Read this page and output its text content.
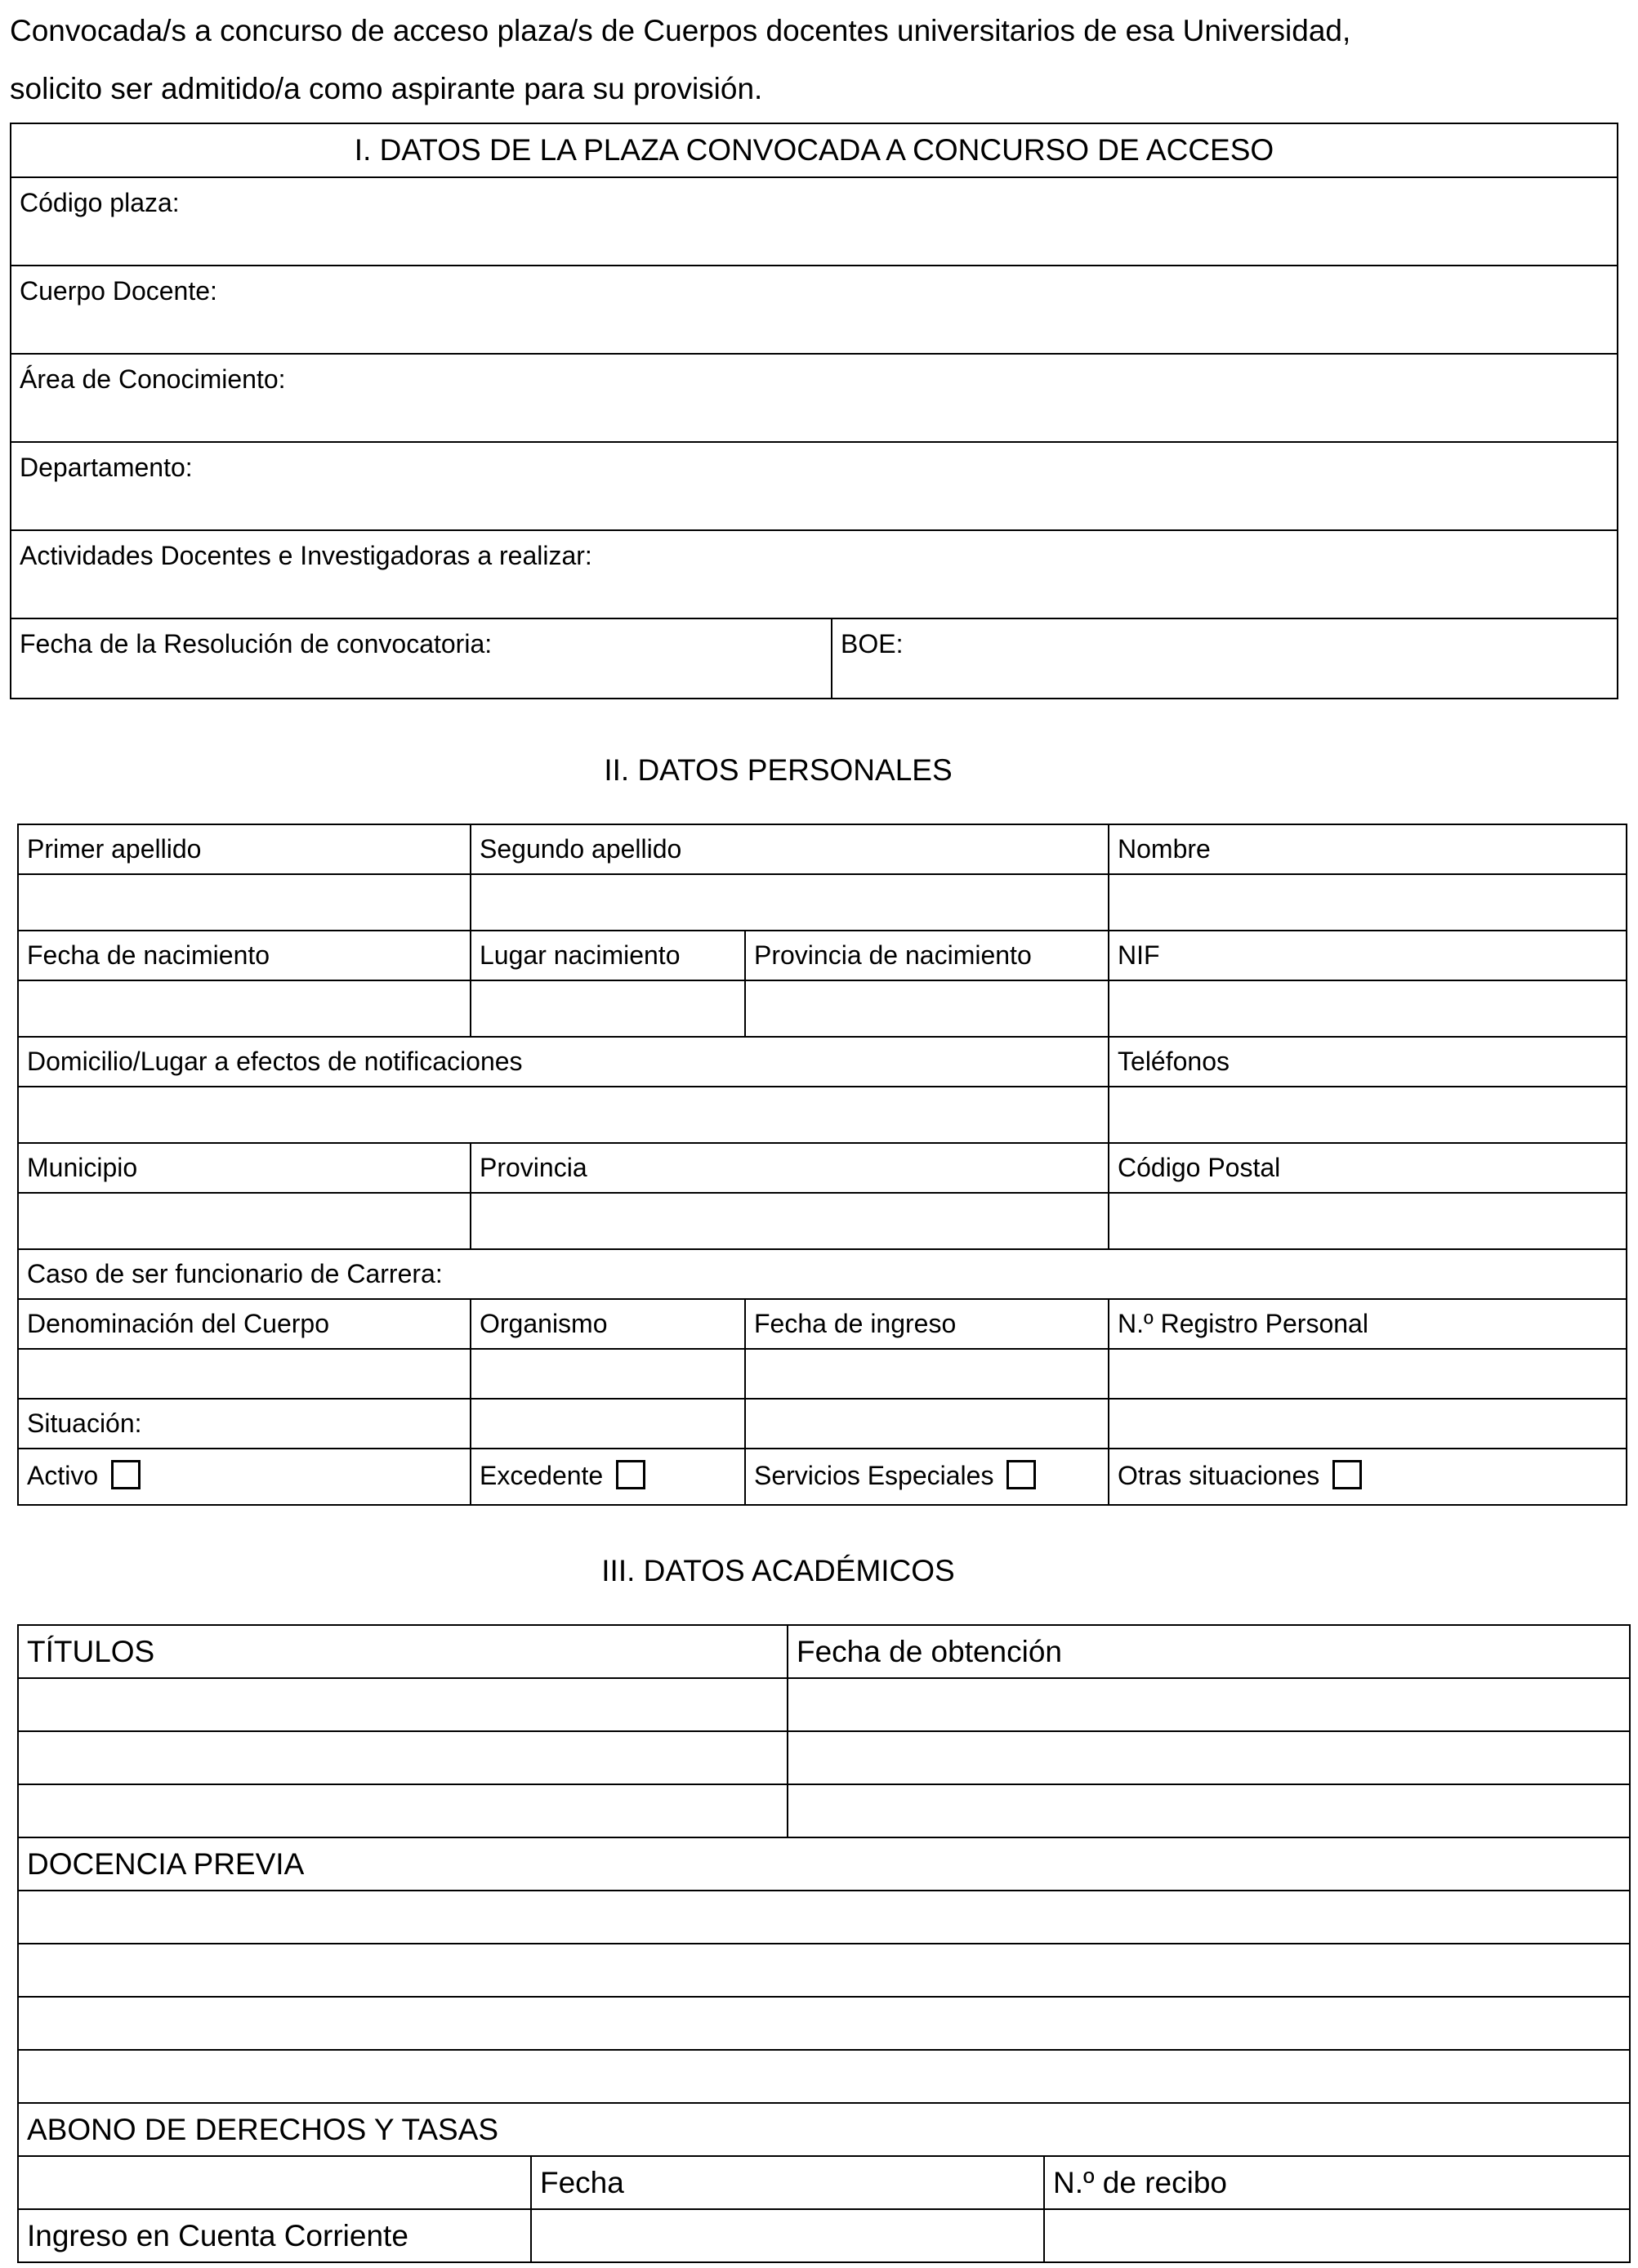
Convocada/s a concurso de acceso plaza/s de Cuerpos docentes universitarios de esa Universidad,

solicito ser admitido/a como aspirante para su provisión.

I. DATOS DE LA PLAZA CONVOCADA A CONCURSO DE ACCESO
Código plaza:
Cuerpo Docente:
Área de Conocimiento:
Departamento:
Actividades Docentes e Investigadoras a realizar:
Fecha de la Resolución de convocatoria:	BOE:
II. DATOS PERSONALES
Primer apellido	Segundo apellido		Nombre

Fecha de nacimiento	Lugar nacimiento	Provincia de nacimiento	NIF

Domicilio/Lugar a efectos de notificaciones			Teléfonos

Municipio	Provincia		Código Postal

Caso de ser funcionario de Carrera:			
Denominación del Cuerpo	Organismo	Fecha de ingreso	N.º Registro Personal

Situación:			
Activo	Excedente	Servicios Especiales	Otras situaciones
III. DATOS ACADÉMICOS
TÍTULOS		Fecha de obtención	

DOCENCIA PREVIA			

ABONO DE DERECHOS Y TASAS			
	Fecha		N.º de recibo
Ingreso en Cuenta Corriente			
